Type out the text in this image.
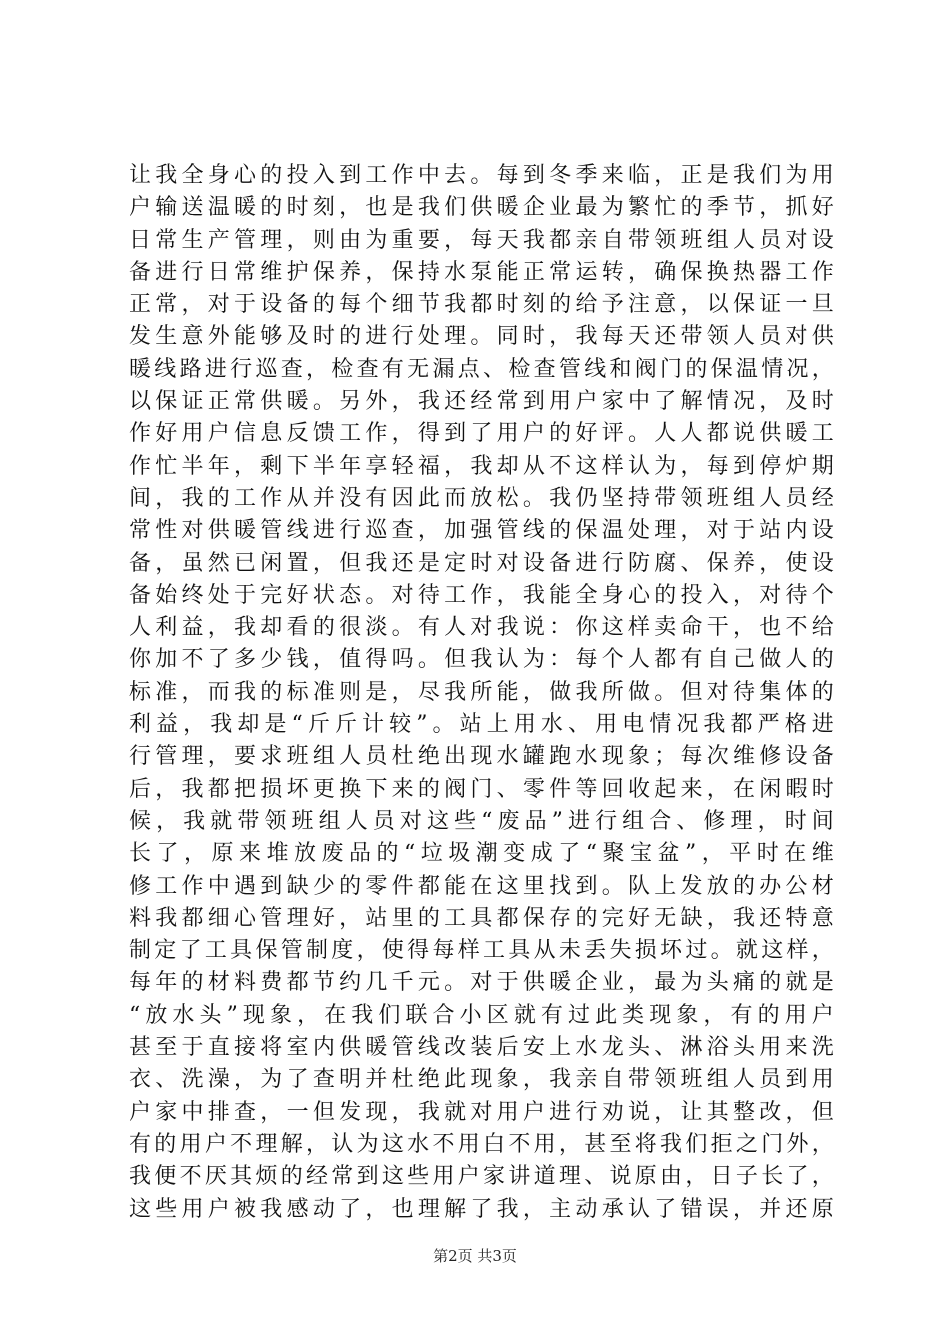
让我全身心的投入到工作中去。每到冬季来临，正是我们为用
户输送温暖的时刻，也是我们供暖企业最为繁忙的季节，抓好
日常生产管理，则由为重要，每天我都亲自带领班组人员对设
备进行日常维护保养，保持水泵能正常运转，确保换热器工作
正常，对于设备的每个细节我都时刻的给予注意，以保证一旦
发生意外能够及时的进行处理。同时，我每天还带领人员对供
暖线路进行巡查，检查有无漏点、检查管线和阀门的保温情况，
以保证正常供暖。另外，我还经常到用户家中了解情况，及时
作好用户信息反馈工作，得到了用户的好评。人人都说供暖工
作忙半年，剩下半年享轻福，我却从不这样认为，每到停炉期
间，我的工作从并没有因此而放松。我仍坚持带领班组人员经
常性对供暖管线进行巡查，加强管线的保温处理，对于站内设
备，虽然已闲置，但我还是定时对设备进行防腐、保养，使设
备始终处于完好状态。对待工作，我能全身心的投入，对待个
人利益，我却看的很淡。有人对我说：你这样卖命干，也不给
你加不了多少钱，值得吗。但我认为：每个人都有自己做人的
标准，而我的标准则是，尽我所能，做我所做。但对待集体的
利益，我却是“斤斤计较”。站上用水、用电情况我都严格进
行管理，要求班组人员杜绝出现水罐跑水现象；每次维修设备
后，我都把损坏更换下来的阀门、零件等回收起来，在闲暇时
候，我就带领班组人员对这些“废品”进行组合、修理，时间
长了，原来堆放废品的“垃圾潮变成了“聚宝盆”，平时在维
修工作中遇到缺少的零件都能在这里找到。队上发放的办公材
料我都细心管理好，站里的工具都保存的完好无缺，我还特意
制定了工具保管制度，使得每样工具从未丢失损坏过。就这样，
每年的材料费都节约几千元。对于供暖企业，最为头痛的就是
“放水头”现象，在我们联合小区就有过此类现象，有的用户
甚至于直接将室内供暖管线改装后安上水龙头、淋浴头用来洗
衣、洗澡，为了查明并杜绝此现象，我亲自带领班组人员到用
户家中排查，一但发现，我就对用户进行劝说，让其整改，但
有的用户不理解，认为这水不用白不用，甚至将我们拒之门外，
我便不厌其烦的经常到这些用户家讲道理、说原由，日子长了，
这些用户被我感动了，也理解了我，主动承认了错误，并还原
第2页 共3页
